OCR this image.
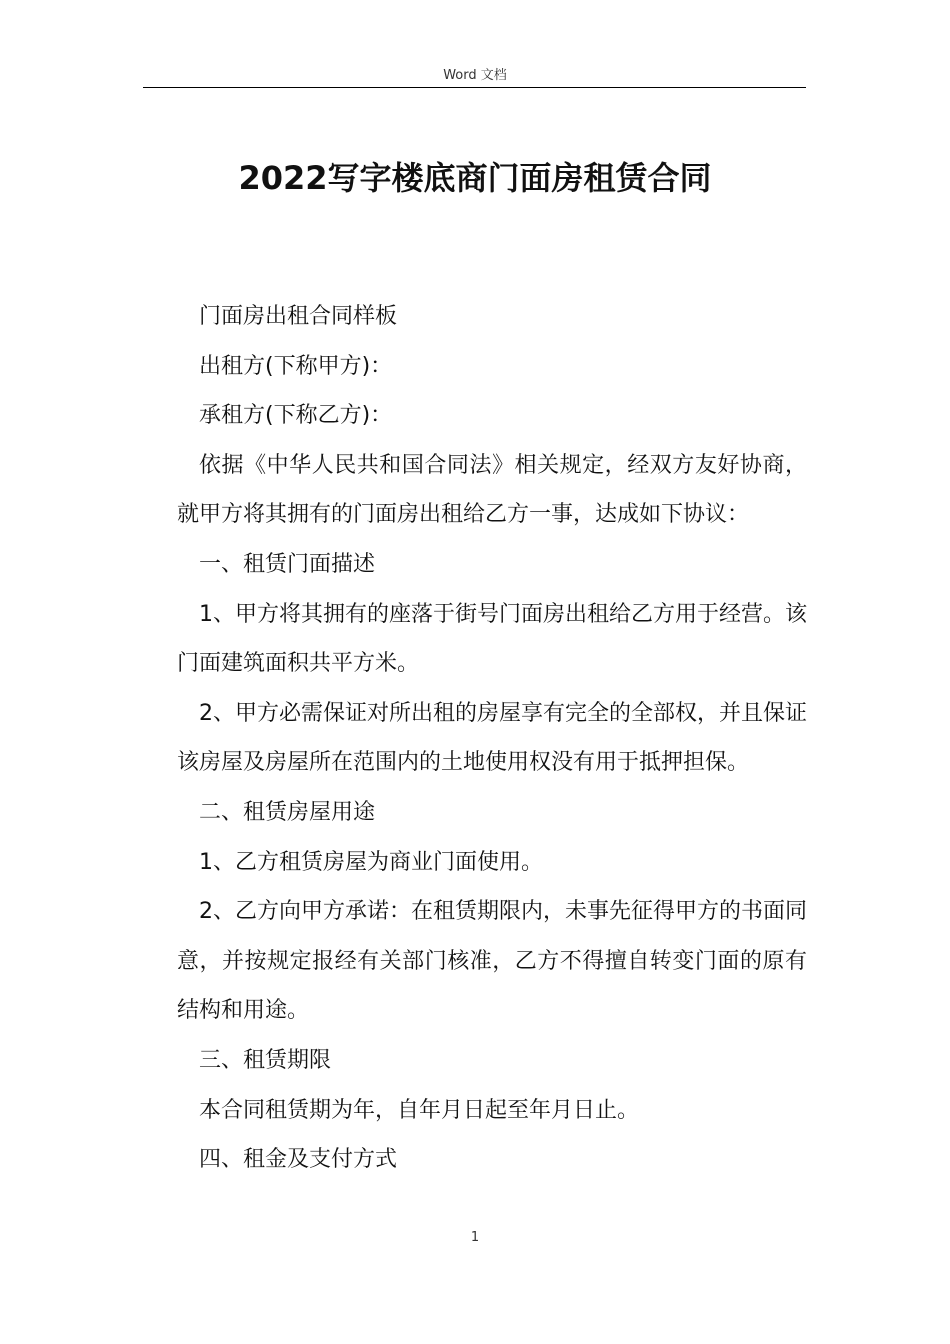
Word 文档
2022写字楼底商门面房租赁合同

门面房出租合同样板

出租方(下称甲方)：

承租方(下称乙方)：

依据《中华人民共和国合同法》相关规定，经双方友好协商，就甲方将其拥有的门面房出租给乙方一事，达成如下协议：

一、租赁门面描述

1、甲方将其拥有的座落于街号门面房出租给乙方用于经营。该门面建筑面积共平方米。

2、甲方必需保证对所出租的房屋享有完全的全部权，并且保证该房屋及房屋所在范围内的土地使用权没有用于抵押担保。

二、租赁房屋用途

1、乙方租赁房屋为商业门面使用。

2、乙方向甲方承诺：在租赁期限内，未事先征得甲方的书面同意，并按规定报经有关部门核准，乙方不得擅自转变门面的原有结构和用途。

三、租赁期限

本合同租赁期为年，自年月日起至年月日止。

四、租金及支付方式

1
